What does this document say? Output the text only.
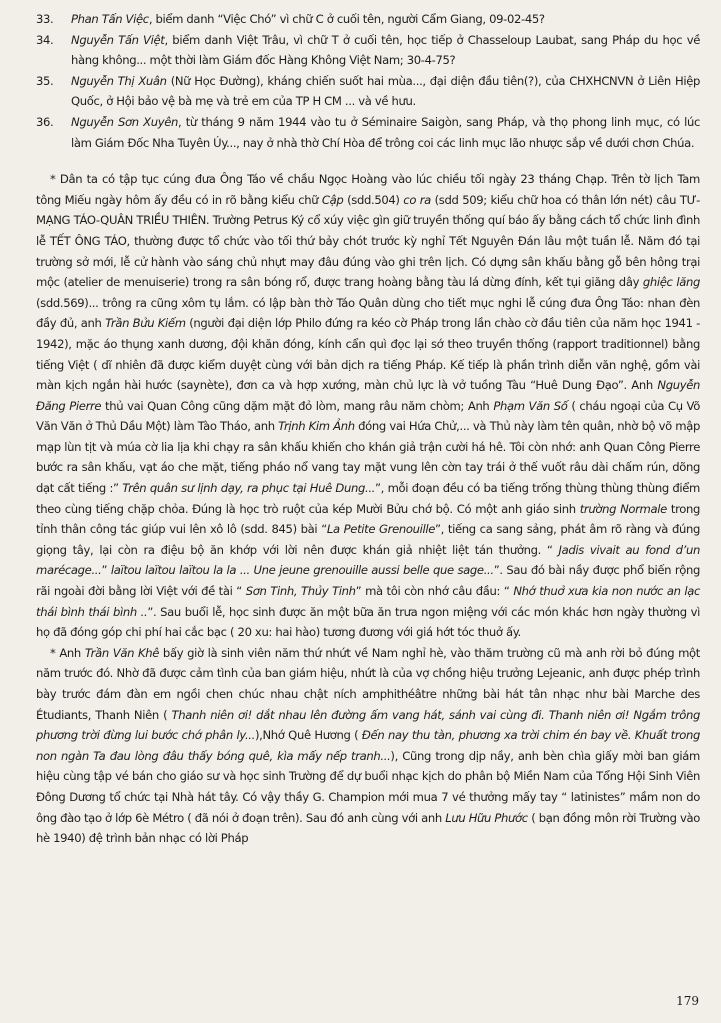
33.	Phan Tấn Việc, biểm danh “Việc Chó” vì chữ C ở cuối tên, người Cẩm Giang, 09-02-45?
34.	Nguyễn Tấn Việt, biểm danh Việt Trâu, vì chữ T ở cuối tên, học tiếp ở Chasseloup Laubat, sang Pháp du học về hàng không... một thời làm Giám đốc Hàng Không Việt Nam; 30-4-75?
35.	Nguyễn Thị Xuân (Nữ Học Đường), kháng chiến suốt hai mùa..., đại diện đầu tiên(?), của CHXHCNVN ở Liên Hiệp Quốc, ở Hội bảo vệ bà mẹ và trẻ em của TP H CM ... và về hưu.
36.	Nguyễn Sơn Xuyên, từ tháng 9 năm 1944 vào tu ở Séminaire Saigòn, sang Pháp, và thọ phong linh mục, có lúc làm Giám Đốc Nha Tuyên Úy..., nay ở nhà thờ Chí Hòa để trông coi các linh mục lão nhược sắp về dưới chơn Chúa.

* Dân ta có tập tục cúng đưa Ông Táo về chầu Ngọc Hoàng vào lúc chiều tối ngày 23 tháng Chạp. Trên tờ lịch Tam tông Miếu ngày hôm ấy đều có in rõ bằng kiểu chữ Cập (sdd.504) co ra (sdd 509; kiểu chữ hoa có thân lớn nét) câu TƯ-MẠNG TÁO-QUÂN TRIỀU THIÊN. Trường Petrus Ký cổ xúy việc gìn giữ truyền thống quí báo ấy bằng cách tổ chức linh đình lễ TẾT ÔNG TÁO, thường được tổ chức vào tối thứ bảy chót trước kỳ nghỉ Tết Nguyên Đán lâu một tuần lễ. Năm đó tại trường sở mới, lễ cử hành vào sáng chủ nhựt may đâu đúng vào ghi trên lịch. Có dựng sân khấu bằng gỗ bên hông trại mộc (atelier de menuiserie) trong ra sân bóng rổ, được trang hoàng bằng tàu lá dừng đính, kết tụi giăng dây ghiệc lăng (sdd.569)... trông ra cũng xôm tụ lắm. có lập bàn thờ Táo Quân dùng cho tiết mục nghi lễ cúng đưa Ông Táo: nhan đèn đầy đủ, anh Trần Bửu Kiếm (người đại diện lớp Philo đứng ra kéo cờ Pháp trong lần chào cờ đầu tiên của năm học 1941 - 1942), mặc áo thụng xanh dương, đội khăn đóng, kính cẩn quì đọc lại sớ theo truyền thống (rapport traditionnel) bằng tiếng Việt ( dĩ nhiên đã được kiểm duyệt cùng với bản dịch ra tiếng Pháp. Kế tiếp là phần trình diễn văn nghệ, gồm vài màn kịch ngắn hài hước (saynète), đơn ca và hợp xướng, màn chủ lực là vở tuồng Tàu “Huê Dung Đạo”. Anh Nguyễn Đăng Pierre thủ vai Quan Công cũng dặm mặt đỏ lòm, mang râu năm chòm; Anh Phạm Văn Số ( cháu ngoại của Cụ Võ Văn Văn ở Thủ Dầu Một) làm Tào Tháo, anh Trịnh Kim Ảnh đóng vai Hứa Chử,... và Thủ này làm tên quân, nhờ bộ võ mập mạp lùn tịt và múa cờ lia lịa khi chạy ra sân khấu khiến cho khán giả trận cười há hê. Tôi còn nhớ: anh Quan Công Pierre bước ra sân khấu, vạt áo che mặt, tiếng pháo nổ vang tay mặt vung lên cờn tay trái ở thế vuốt râu dài chấm rún, dõng dạt cất tiếng :” Trên quân sư lịnh dạy, ra phục tại Huê Dung...”, mỗi đoạn đều có ba tiếng trống thùng thùng thùng điểm theo cùng tiếng chặp chỏa. Đúng là học trò ruột của kép Mười Bửu chớ bộ. Có một anh giáo sinh trường Normale trong tỉnh thân công tác giúp vui lên xô lô (sdd. 845) bài “La Petite Grenouille”, tiếng ca sang sảng, phát âm rõ ràng và đúng giọng tây, lại còn ra điệu bộ ăn khớp với lời nên được khán giả nhiệt liệt tán thưởng. “ Jadis vivait au fond d’un marécage...” laïtou laïtou laïtou la la ... Une jeune grenouille aussi belle que sage...”. Sau đó bài nầy được phổ biến rộng rãi ngoài đời bằng lời Việt với đề tài “ Sơn Tinh, Thủy Tinh” mà tôi còn nhớ câu đầu: “ Nhớ thuở xưa kia non nước an lạc thái bình thái bình ..”. Sau buổi lễ, học sinh được ăn một bữa ăn trưa ngon miệng với các món khác hơn ngày thường vì họ đã đóng góp chi phí hai cắc bạc ( 20 xu: hai hào) tương đương với giá hớt tóc thuở ấy.

* Anh Trần Văn Khê bấy giờ là sinh viên năm thứ nhứt về Nam nghỉ hè, vào thăm trường cũ mà anh rời bỏ đúng một năm trước đó. Nhờ đã được cảm tình của ban giám hiệu, nhứt là của vợ chồng hiệu trưởng Lejeanic, anh được phép trình bày trước đám đàn em ngồi chen chúc nhau chật ních amphithéâtre những bài hát tân nhạc như bài Marche des Étudiants, Thanh Niên ( Thanh niên ơi! dắt nhau lên đường ấm vang hát, sánh vai cùng đi. Thanh niên ơi! Ngắm trông phương trời đừng lui bước chớ phân ly...),Nhớ Quê Hương ( Đến nay thu tàn, phương xa trời chim én bay về. Khuất trong non ngàn Ta đau lòng đâu thấy bóng quê, kìa mấy nếp tranh...), Cũng trong dịp nầy, anh bèn chìa giấy mời ban giám hiệu cùng tập vé bán cho giáo sư và học sinh Trường để dự buổi nhạc kịch do phân bộ Miền Nam của Tổng Hội Sinh Viên Đông Dương tổ chức tại Nhà hát tây. Có vậy thầy G. Champion mới mua 7 vé thưởng mấy tay “ latinistes” mầm non do ông đào tạo ở lớp 6è Métro ( đã nói ở đoạn trên). Sau đó anh cùng với anh Lưu Hữu Phước ( bạn đồng môn rời Trường vào hè 1940) đệ trình bản nhạc có lời Pháp

179
